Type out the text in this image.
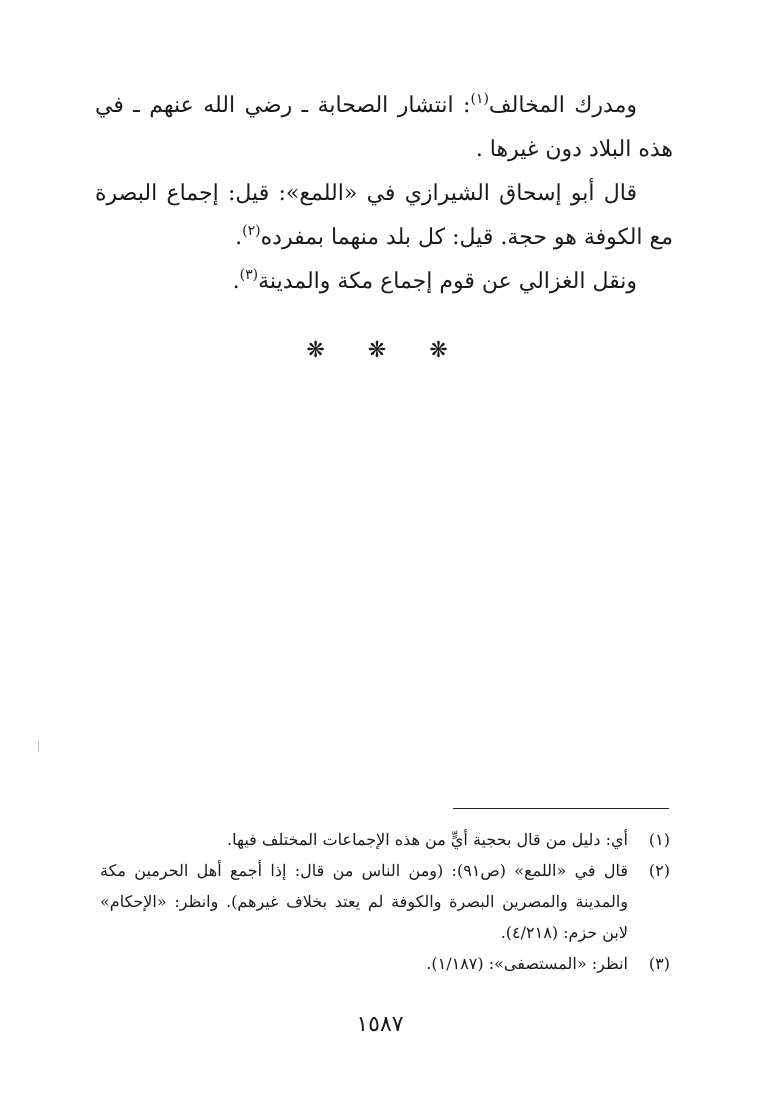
ومدرك المخالف$^{(١)}$: انتشار الصحابة ـ رضي الله عنهم ـ في هذه البلاد دون غيرها .

قال أبو إسحاق الشيرازي في «اللمع»: قيل: إجماع البصرة مع الكوفة هو حجة. قيل: كل بلد منهما بمفرده$^{(٢)}$.

ونقل الغزالي عن قوم إجماع مكة والمدينة$^{(٣)}$.

❋ ❋ ❋
(١)
أي: دليل من قال بحجية أيٍّ من هذه الإجماعات المختلف فيها.
(٢)
قال في «اللمع» (ص٩١): (ومن الناس من قال: إذا أجمع أهل الحرمين مكة والمدينة والمصرين البصرة والكوفة لم يعتد بخلاف غيرهم). وانظر: «الإحكام» لابن حزم: (٤/٢١٨).
(٣)
انظر: «المستصفى»: (١/١٨٧).
١٥٨٧
